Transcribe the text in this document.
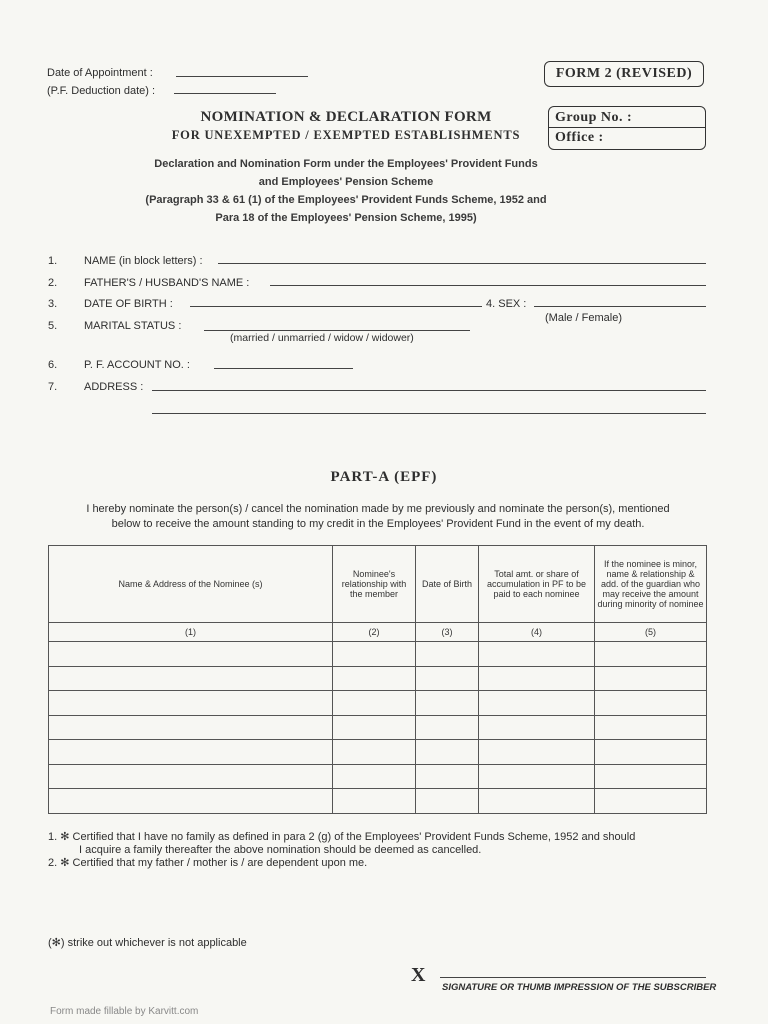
Date of Appointment :
(P.F. Deduction date) :
FORM 2 (REVISED)
NOMINATION & DECLARATION FORM
FOR UNEXEMPTED / EXEMPTED ESTABLISHMENTS
Group No. :
Office :
Declaration and Nomination Form under the Employees' Provident Funds
and Employees' Pension Scheme
(Paragraph 33 & 61 (1) of the Employees' Provident Funds Scheme, 1952 and
Para 18 of the Employees' Pension Scheme, 1995)
1. NAME (in block letters) :
2. FATHER'S / HUSBAND'S NAME :
3. DATE OF BIRTH :	4. SEX :
(Male / Female)
5. MARITAL STATUS :
(married / unmarried / widow / widower)
6. P. F. ACCOUNT NO. :
7. ADDRESS :
PART-A (EPF)
I hereby nominate the person(s) / cancel the nomination made by me previously and nominate the person(s), mentioned
below to receive the amount standing to my credit in the Employees' Provident Fund in the event of my death.
Name & Address of the Nominee (s)	Nominee's relationship with the member	Date of Birth	Total amt. or share of accumulation in PF to be paid to each nominee	If the nominee is minor, name & relationship & add. of the guardian who may receive the amount during minority of nominee
(1)	(2)	(3)	(4)	(5)

1. ✻ Certified that I have no family as defined in para 2 (g) of the Employees' Provident Funds Scheme, 1952 and should
I acquire a family thereafter the above nomination should be deemed as cancelled.
2. ✻ Certified that my father / mother is / are dependent upon me.
(✻) strike out whichever is not applicable
X
SIGNATURE OR THUMB IMPRESSION OF THE SUBSCRIBER
Form made fillable by Karvitt.com
